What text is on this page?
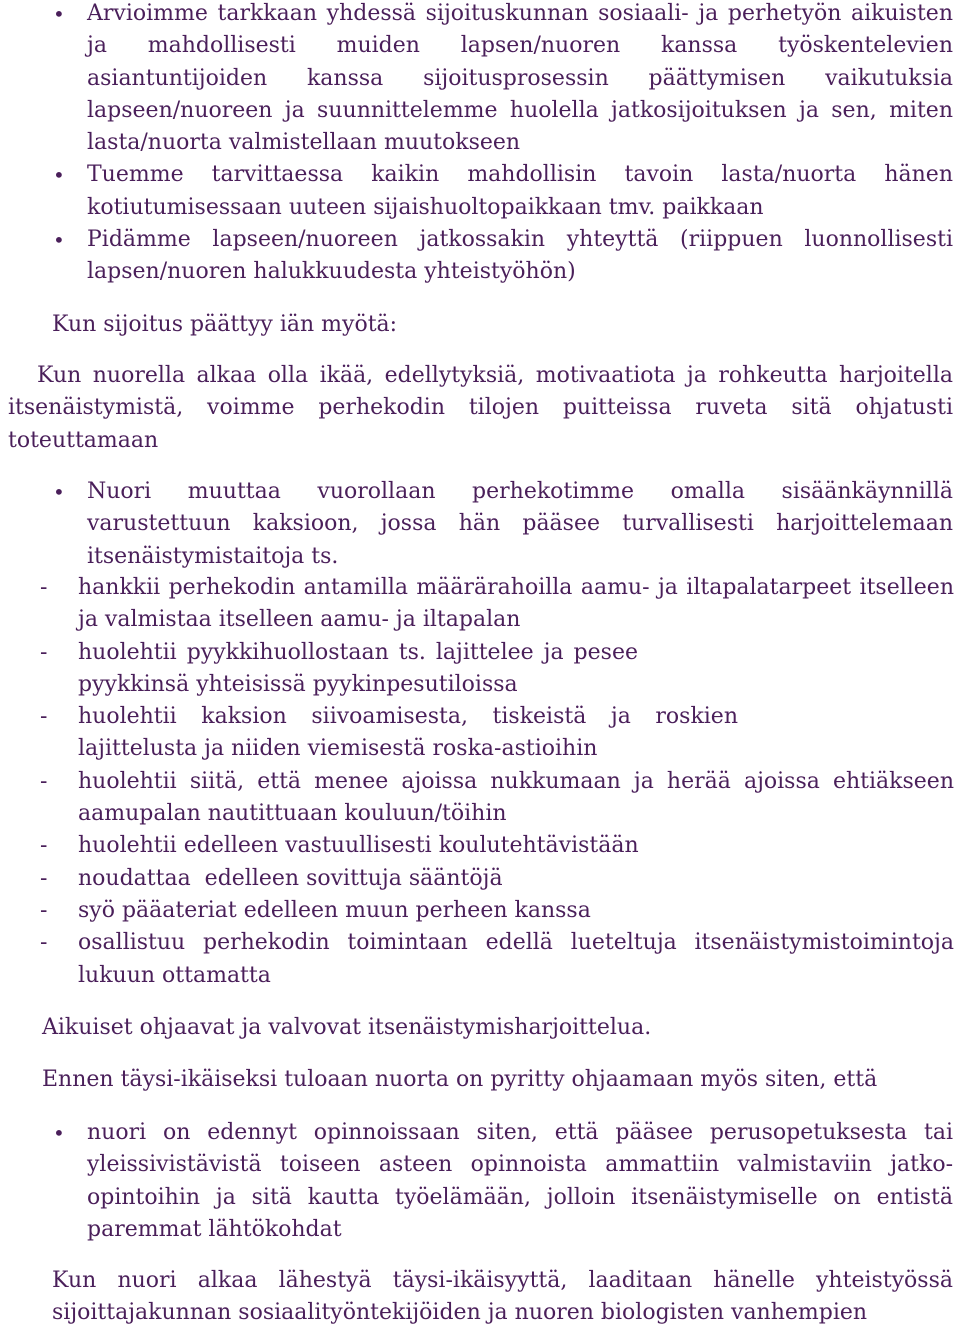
• Arvioimme tarkkaan yhdessä sijoituskunnan sosiaali- ja perhetyön aikuisten ja mahdollisesti muiden lapsen/nuoren kanssa työskentelevien asiantuntijoiden kanssa sijoitusprosessin päättymisen vaikutuksia lapseen/nuoreen ja suunnittelemme huolella jatkosijoituksen ja sen, miten lasta/nuorta valmistellaan muutokseen
• Tuemme tarvittaessa kaikin mahdollisin tavoin lasta/nuorta hänen kotiutumisessaan uuteen sijaishuoltopaikkaan tmv. paikkaan
• Pidämme lapseen/nuoreen jatkossakin yhteyttä (riippuen luonnollisesti lapsen/nuoren halukkuudesta yhteistyöhön)
Kun sijoitus päättyy iän myötä:

Kun nuorella alkaa olla ikää, edellytyksiä, motivaatiota ja rohkeutta harjoitella itsenäistymistä, voimme perhekodin tilojen puitteissa ruveta sitä ohjatusti toteuttamaan

• Nuori muuttaa vuorollaan perhekotimme omalla sisäänkäynnillä varustettuun kaksioon, jossa hän pääsee turvallisesti harjoittelemaan itsenäistymistaitoja ts.
- hankkii perhekodin antamilla määrärahoilla aamu- ja iltapalatarpeet itselleen ja valmistaa itselleen aamu- ja iltapalan
- huolehtii pyykkihuollostaan ts. lajittelee ja pesee pyykkinsä yhteisissä pyykinpesutiloissa
- huolehtii kaksion siivoamisesta, tiskeistä ja roskien lajittelusta ja niiden viemisestä roska-astioihin
- huolehtii siitä, että menee ajoissa nukkumaan ja herää ajoissa ehtiäkseen aamupalan nautittuaan kouluun/töihin
- huolehtii edelleen vastuullisesti koulutehtävistään
- noudattaa  edelleen sovittuja sääntöjä
- syö pääateriat edelleen muun perheen kanssa
- osallistuu perhekodin toimintaan edellä lueteltuja itsenäistymistoimintoja lukuun ottamatta
Aikuiset ohjaavat ja valvovat itsenäistymisharjoittelua.
Ennen täysi-ikäiseksi tuloaan nuorta on pyritty ohjaamaan myös siten, että
• nuori on edennyt opinnoissaan siten, että pääsee perusopetuksesta tai yleissivistävistä toiseen asteen opinnoista ammattiin valmistaviin jatko-opintoihin ja sitä kautta työelämään, jolloin itsenäistymiselle on entistä paremmat lähtökohdat

Kun nuori alkaa lähestyä täysi-ikäisyyttä, laaditaan hänelle yhteistyössä sijoittajakunnan sosiaalityöntekijöiden ja nuoren biologisten vanhempien
